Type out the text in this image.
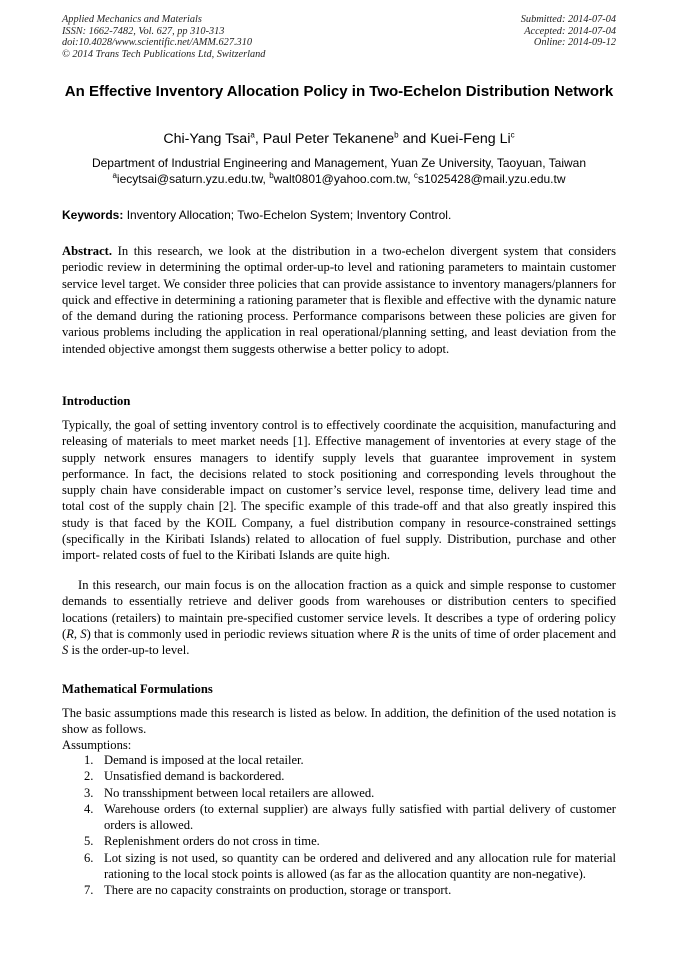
Applied Mechanics and Materials
ISSN: 1662-7482, Vol. 627, pp 310-313
doi:10.4028/www.scientific.net/AMM.627.310
© 2014 Trans Tech Publications Ltd, Switzerland
Submitted: 2014-07-04
Accepted: 2014-07-04
Online: 2014-09-12
An Effective Inventory Allocation Policy in Two-Echelon Distribution Network
Chi-Yang Tsai$^a$, Paul Peter Tekanene$^b$ and Kuei-Feng Li$^c$
Department of Industrial Engineering and Management, Yuan Ze University, Taoyuan, Taiwan
$^a$iecytsai@saturn.yzu.edu.tw, $^b$walt0801@yahoo.com.tw, $^c$s1025428@mail.yzu.edu.tw
Keywords: Inventory Allocation; Two-Echelon System; Inventory Control.
Abstract. In this research, we look at the distribution in a two-echelon divergent system that considers periodic review in determining the optimal order-up-to level and rationing parameters to maintain customer service level target. We consider three policies that can provide assistance to inventory managers/planners for quick and effective in determining a rationing parameter that is flexible and effective with the dynamic nature of the demand during the rationing process. Performance comparisons between these policies are given for various problems including the application in real operational/planning setting, and least deviation from the intended objective amongst them suggests otherwise a better policy to adopt.
Introduction
Typically, the goal of setting inventory control is to effectively coordinate the acquisition, manufacturing and releasing of materials to meet market needs [1]. Effective management of inventories at every stage of the supply network ensures managers to identify supply levels that guarantee improvement in system performance. In fact, the decisions related to stock positioning and corresponding levels throughout the supply chain have considerable impact on customer’s service level, response time, delivery lead time and total cost of the supply chain [2]. The specific example of this trade-off and that also greatly inspired this study is that faced by the KOIL Company, a fuel distribution company in resource-constrained settings (specifically in the Kiribati Islands) related to allocation of fuel supply. Distribution, purchase and other import- related costs of fuel to the Kiribati Islands are quite high.
In this research, our main focus is on the allocation fraction as a quick and simple response to customer demands to essentially retrieve and deliver goods from warehouses or distribution centers to specified locations (retailers) to maintain pre-specified customer service levels. It describes a type of ordering policy (R, S) that is commonly used in periodic reviews situation where R is the units of time of order placement and S is the order-up-to level.
Mathematical Formulations
The basic assumptions made this research is listed as below. In addition, the definition of the used notation is show as follows.
Assumptions:
1. Demand is imposed at the local retailer.
2. Unsatisfied demand is backordered.
3. No transshipment between local retailers are allowed.
4. Warehouse orders (to external supplier) are always fully satisfied with partial delivery of customer orders is allowed.
5. Replenishment orders do not cross in time.
6. Lot sizing is not used, so quantity can be ordered and delivered and any allocation rule for material rationing to the local stock points is allowed (as far as the allocation quantity are non-negative).
7. There are no capacity constraints on production, storage or transport.
